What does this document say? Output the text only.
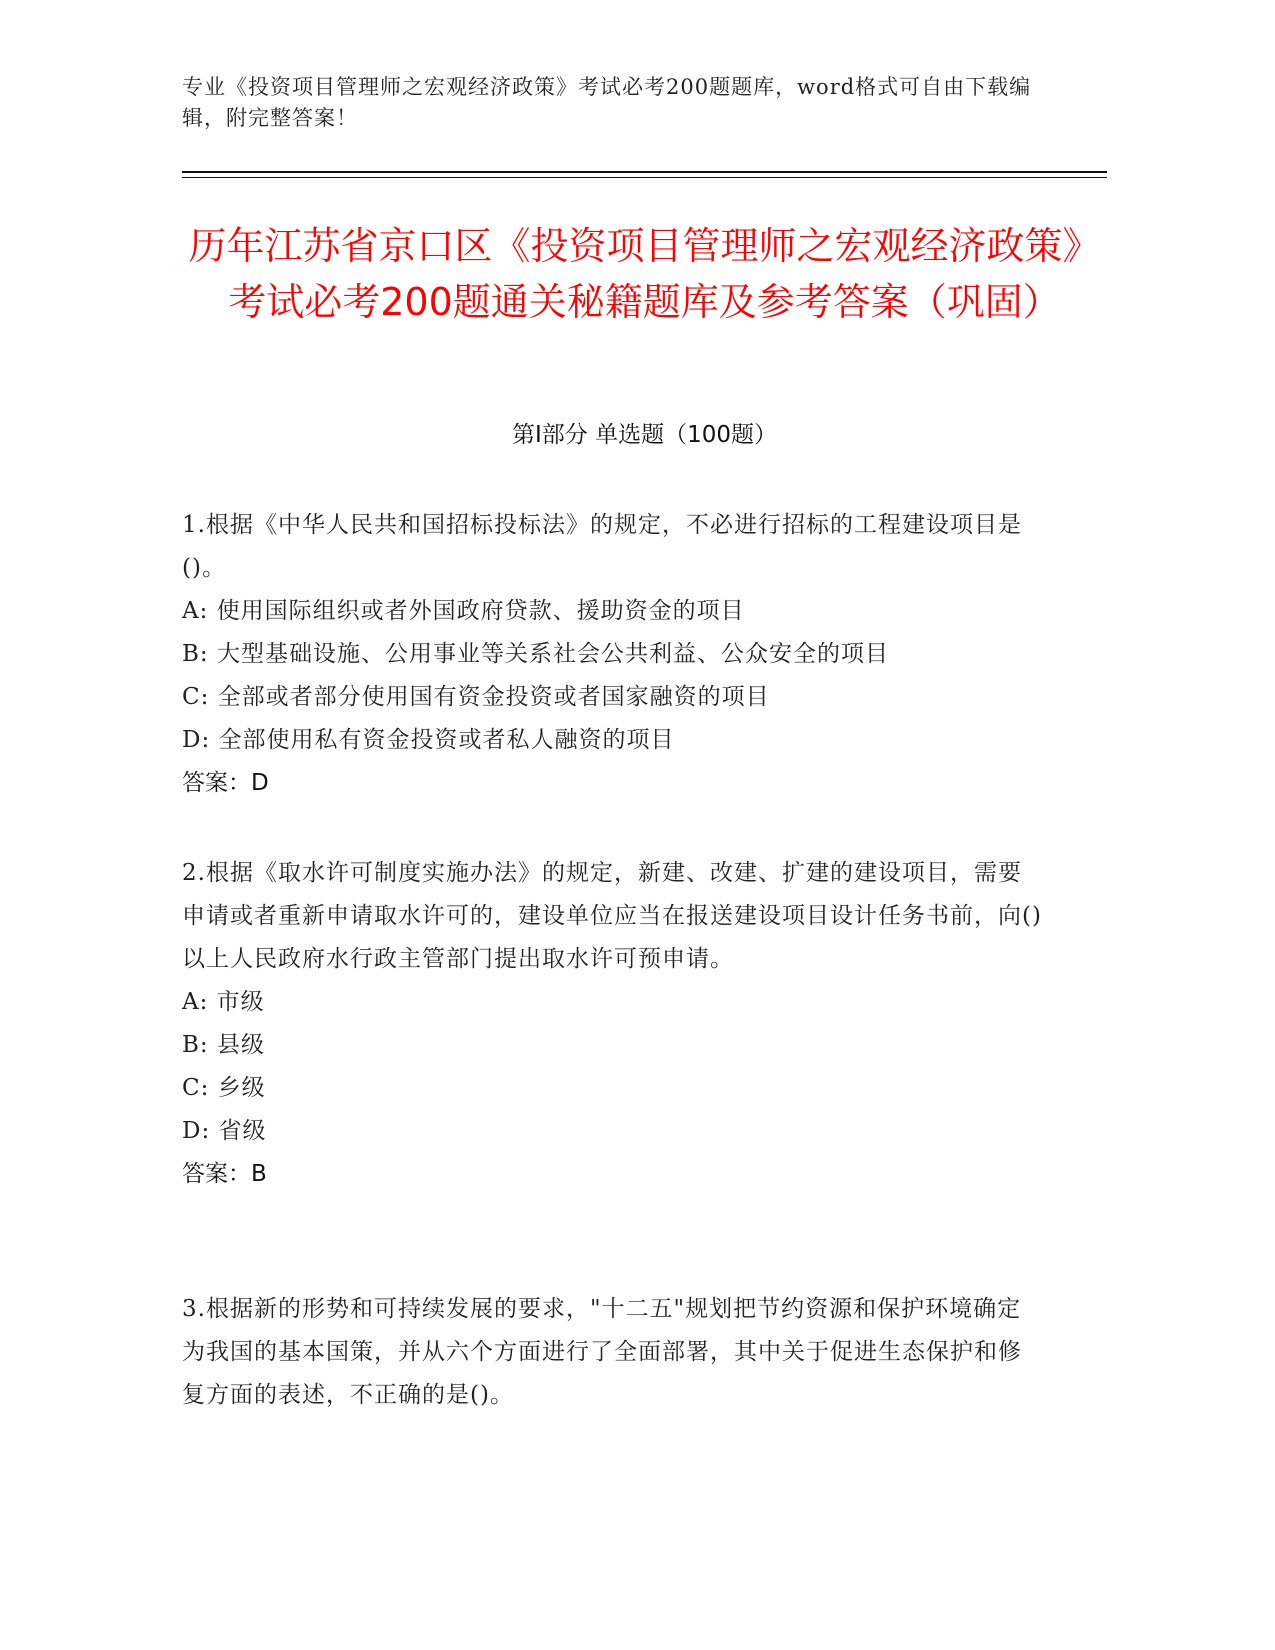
专业《投资项目管理师之宏观经济政策》考试必考200题题库，word格式可自由下载编辑，附完整答案！
历年江苏省京口区《投资项目管理师之宏观经济政策》考试必考200题通关秘籍题库及参考答案（巩固）
第Ⅰ部分 单选题（100题）
1.根据《中华人民共和国招标投标法》的规定，不必进行招标的工程建设项目是()。
A: 使用国际组织或者外国政府贷款、援助资金的项目
B: 大型基础设施、公用事业等关系社会公共利益、公众安全的项目
C: 全部或者部分使用国有资金投资或者国家融资的项目
D: 全部使用私有资金投资或者私人融资的项目
答案：D
2.根据《取水许可制度实施办法》的规定，新建、改建、扩建的建设项目，需要申请或者重新申请取水许可的，建设单位应当在报送建设项目设计任务书前，向()以上人民政府水行政主管部门提出取水许可预申请。
A: 市级
B: 县级
C: 乡级
D: 省级
答案：B
3.根据新的形势和可持续发展的要求，"十二五"规划把节约资源和保护环境确定为我国的基本国策，并从六个方面进行了全面部署，其中关于促进生态保护和修复方面的表述，不正确的是()。
